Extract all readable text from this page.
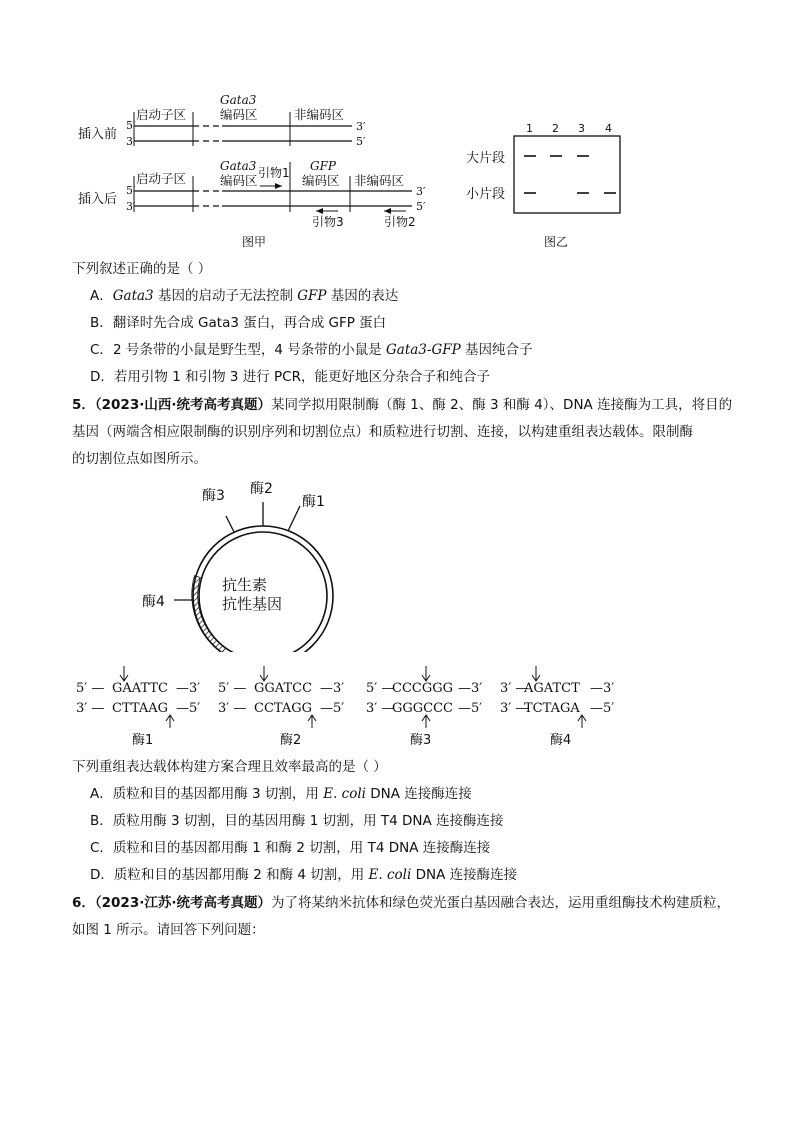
插入前
5′
3′
启动子区
Gata3
编码区	非编码区
3′
5′
插入后
5′
3′
启动子区
Gata3
编码区 引物1 GFP
编码区 非编码区
3′
5′
引物3	引物2
图甲
1 2 3 4
大片段
小片段
图乙
下列叙述正确的是（ ）
A．Gata3 基因的启动子无法控制 GFP 基因的表达
B．翻译时先合成 Gata3 蛋白，再合成 GFP 蛋白
C．2 号条带的小鼠是野生型，4 号条带的小鼠是 Gata3-GFP 基因纯合子
D．若用引物 1 和引物 3 进行 PCR，能更好地区分杂合子和纯合子
5．（2023·山西·统考高考真题）某同学拟用限制酶（酶 1、酶 2、酶 3 和酶 4）、DNA 连接酶为工具，将目的
基因（两端含相应限制酶的识别序列和切割位点）和质粒进行切割、连接，以构建重组表达载体。限制酶
的切割位点如图所示。
酶3 酶2
酶1
酶4
抗生素
抗性基因
5′ — GAATTC —3′
3′ — CTTAAG —5′
酶1
5′ — GGATCC —3′
3′ — CCTAGG —5′
酶2
5′ —
CCCGGG —3′
3′ —
GGGCCC —5′
酶3
3′ —
AGATCT —3′
3′ —
TCTAGA —5′
酶4
下列重组表达载体构建方案合理且效率最高的是（ ）
A．质粒和目的基因都用酶 3 切割，用 E. coli DNA 连接酶连接
B．质粒用酶 3 切割，目的基因用酶 1 切割，用 T4 DNA 连接酶连接
C．质粒和目的基因都用酶 1 和酶 2 切割，用 T4 DNA 连接酶连接
D．质粒和目的基因都用酶 2 和酶 4 切割，用 E. coli DNA 连接酶连接
6．（2023·江苏·统考高考真题）为了将某纳米抗体和绿色荧光蛋白基因融合表达，运用重组酶技术构建质粒，
如图 1 所示。请回答下列问题：
